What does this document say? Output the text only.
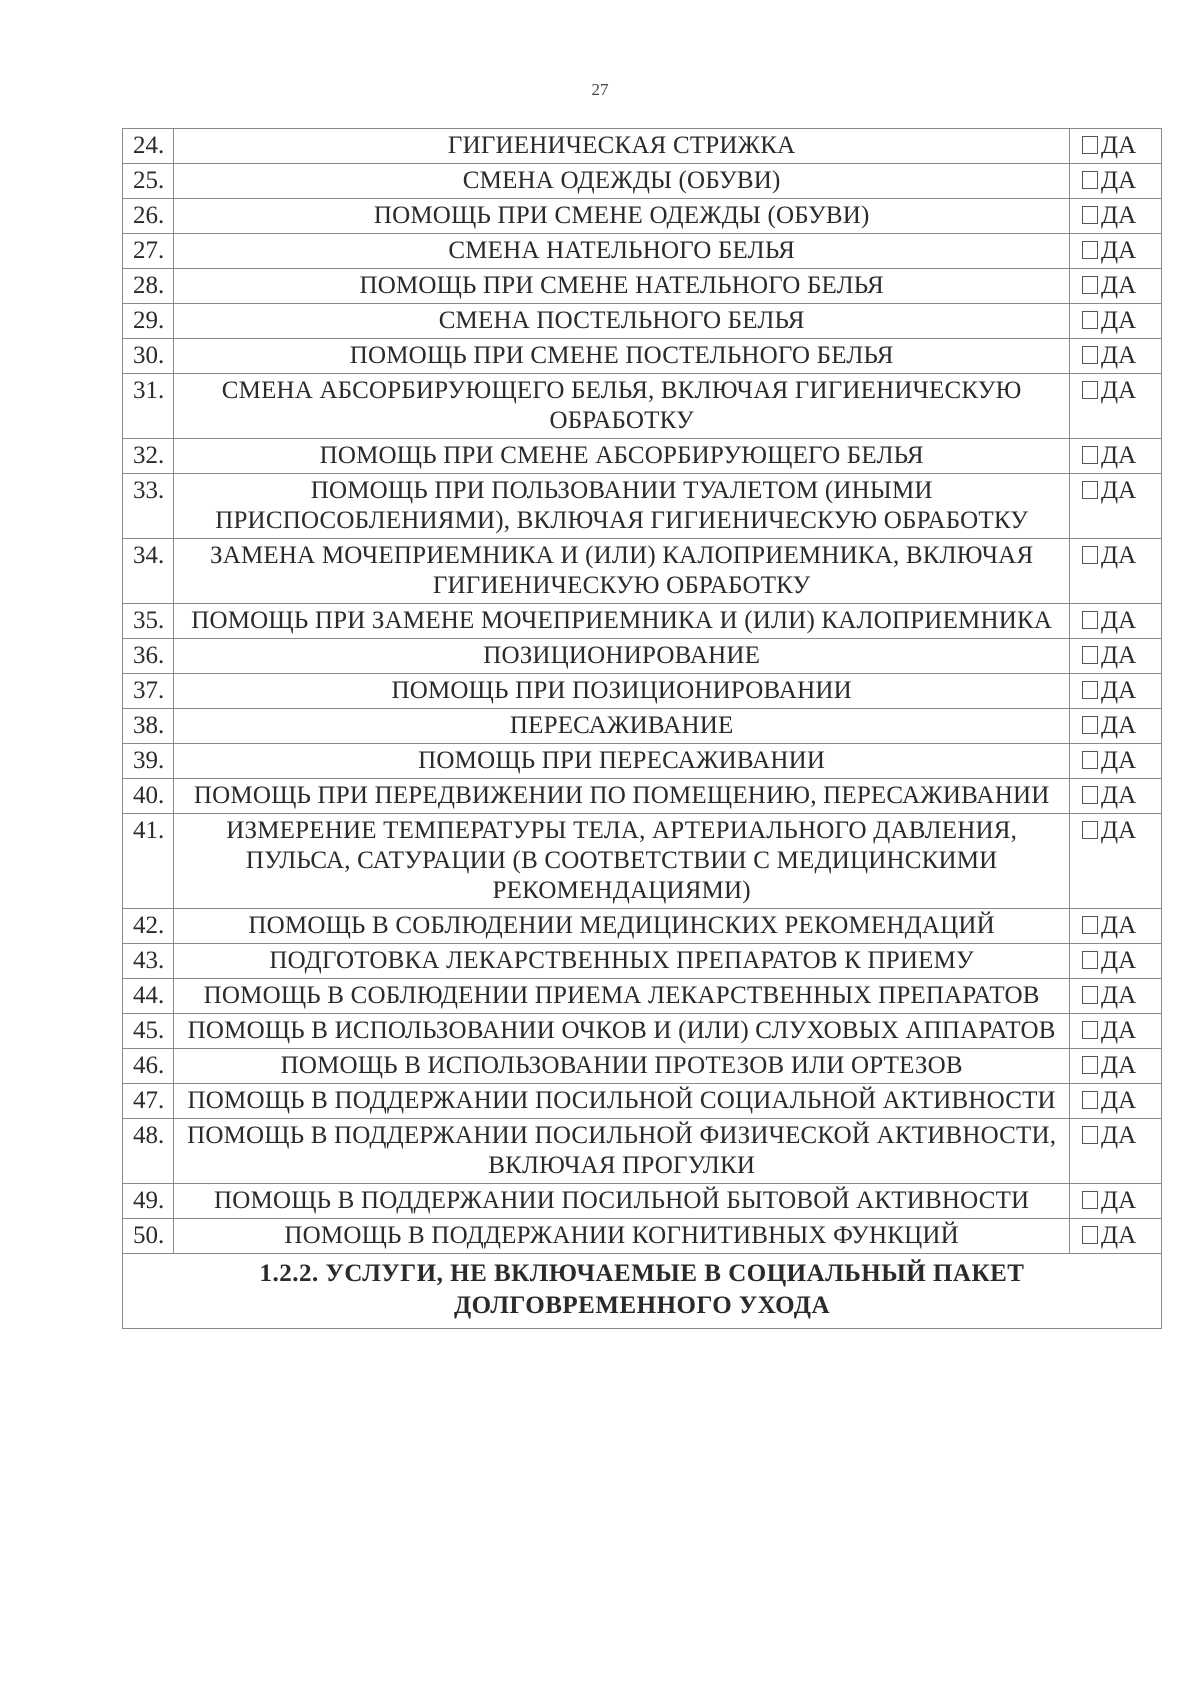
27
24.	ГИГИЕНИЧЕСКАЯ СТРИЖКА	ДА
25.	СМЕНА ОДЕЖДЫ (ОБУВИ)	ДА
26.	ПОМОЩЬ ПРИ СМЕНЕ ОДЕЖДЫ (ОБУВИ)	ДА
27.	СМЕНА НАТЕЛЬНОГО БЕЛЬЯ	ДА
28.	ПОМОЩЬ ПРИ СМЕНЕ НАТЕЛЬНОГО БЕЛЬЯ	ДА
29.	СМЕНА ПОСТЕЛЬНОГО БЕЛЬЯ	ДА
30.	ПОМОЩЬ ПРИ СМЕНЕ ПОСТЕЛЬНОГО БЕЛЬЯ	ДА
31.	СМЕНА АБСОРБИРУЮЩЕГО БЕЛЬЯ, ВКЛЮЧАЯ ГИГИЕНИЧЕСКУЮ ОБРАБОТКУ	ДА
32.	ПОМОЩЬ ПРИ СМЕНЕ АБСОРБИРУЮЩЕГО БЕЛЬЯ	ДА
33.	ПОМОЩЬ ПРИ ПОЛЬЗОВАНИИ ТУАЛЕТОМ (ИНЫМИ ПРИСПОСОБЛЕНИЯМИ), ВКЛЮЧАЯ ГИГИЕНИЧЕСКУЮ ОБРАБОТКУ	ДА
34.	ЗАМЕНА МОЧЕПРИЕМНИКА И (ИЛИ) КАЛОПРИЕМНИКА, ВКЛЮЧАЯ ГИГИЕНИЧЕСКУЮ ОБРАБОТКУ	ДА
35.	ПОМОЩЬ ПРИ ЗАМЕНЕ МОЧЕПРИЕМНИКА И (ИЛИ) КАЛОПРИЕМНИКА	ДА
36.	ПОЗИЦИОНИРОВАНИЕ	ДА
37.	ПОМОЩЬ ПРИ ПОЗИЦИОНИРОВАНИИ	ДА
38.	ПЕРЕСАЖИВАНИЕ	ДА
39.	ПОМОЩЬ ПРИ ПЕРЕСАЖИВАНИИ	ДА
40.	ПОМОЩЬ ПРИ ПЕРЕДВИЖЕНИИ ПО ПОМЕЩЕНИЮ, ПЕРЕСАЖИВАНИИ	ДА
41.	ИЗМЕРЕНИЕ ТЕМПЕРАТУРЫ ТЕЛА, АРТЕРИАЛЬНОГО ДАВЛЕНИЯ, ПУЛЬСА, САТУРАЦИИ (В СООТВЕТСТВИИ С МЕДИЦИНСКИМИ РЕКОМЕНДАЦИЯМИ)	ДА
42.	ПОМОЩЬ В СОБЛЮДЕНИИ МЕДИЦИНСКИХ РЕКОМЕНДАЦИЙ	ДА
43.	ПОДГОТОВКА ЛЕКАРСТВЕННЫХ ПРЕПАРАТОВ К ПРИЕМУ	ДА
44.	ПОМОЩЬ В СОБЛЮДЕНИИ ПРИЕМА ЛЕКАРСТВЕННЫХ ПРЕПАРАТОВ	ДА
45.	ПОМОЩЬ В ИСПОЛЬЗОВАНИИ ОЧКОВ И (ИЛИ) СЛУХОВЫХ АППАРАТОВ	ДА
46.	ПОМОЩЬ В ИСПОЛЬЗОВАНИИ ПРОТЕЗОВ ИЛИ ОРТЕЗОВ	ДА
47.	ПОМОЩЬ В ПОДДЕРЖАНИИ ПОСИЛЬНОЙ СОЦИАЛЬНОЙ АКТИВНОСТИ	ДА
48.	ПОМОЩЬ В ПОДДЕРЖАНИИ ПОСИЛЬНОЙ ФИЗИЧЕСКОЙ АКТИВНОСТИ, ВКЛЮЧАЯ ПРОГУЛКИ	ДА
49.	ПОМОЩЬ В ПОДДЕРЖАНИИ ПОСИЛЬНОЙ БЫТОВОЙ АКТИВНОСТИ	ДА
50.	ПОМОЩЬ В ПОДДЕРЖАНИИ КОГНИТИВНЫХ ФУНКЦИЙ	ДА
1.2.2. УСЛУГИ, НЕ ВКЛЮЧАЕМЫЕ В СОЦИАЛЬНЫЙ ПАКЕТ ДОЛГОВРЕМЕННОГО УХОДА		
